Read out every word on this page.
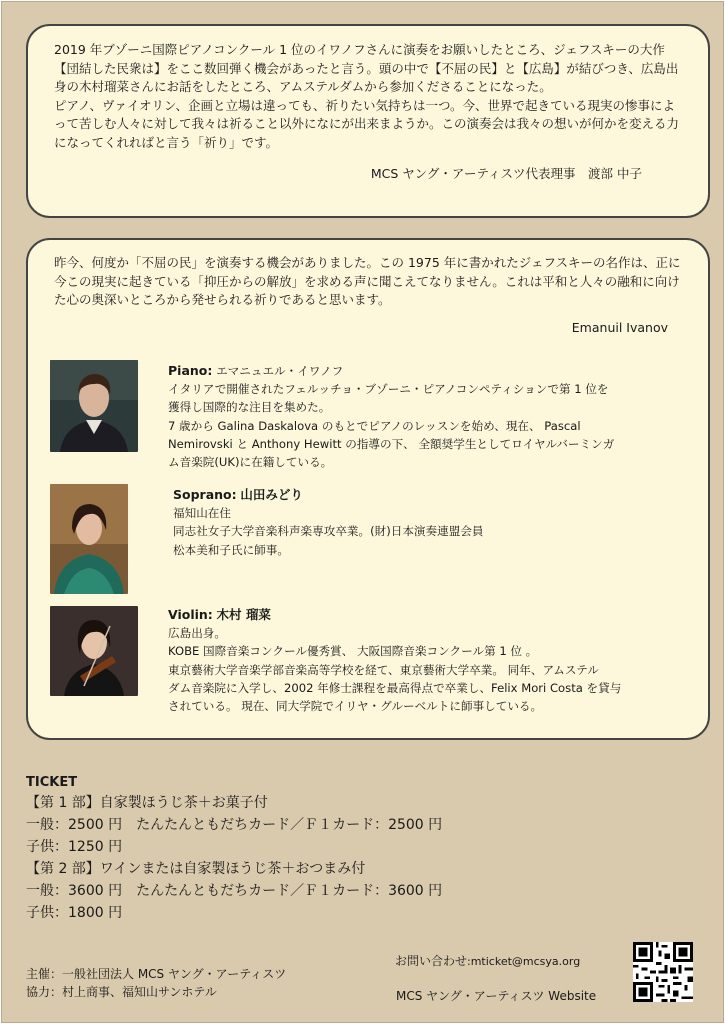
2019 年ブゾーニ国際ピアノコンクール 1 位のイワノフさんに演奏をお願いしたところ、ジェフスキーの大作【団結した民衆は】をここ数回弾く機会があったと言う。頭の中で【不屈の民】と【広島】が結びつき、広島出身の木村瑠菜さんにお話をしたところ、アムステルダムから参加くださることになった。

ピアノ、ヴァイオリン、企画と立場は違っても、祈りたい気持ちは一つ。今、世界で起きている現実の惨事によって苦しむ人々に対して我々は祈ること以外になにが出来まようか。この演奏会は我々の想いが何かを変える力になってくれればと言う「祈り」です。

MCS ヤング・アーティスツ代表理事　渡部 中子

昨今、何度か「不屈の民」を演奏する機会がありました。この 1975 年に書かれたジェフスキーの名作は、正に今この現実に起きている「抑圧からの解放」を求める声に聞こえてなりません。これは平和と人々の融和に向けた心の奥深いところから発せられる祈りであると思います。

Emanuil Ivanov
Piano: エマニュエル・イワノフ
イタリアで開催されたフェルッチョ・ブゾーニ・ピアノコンペティションで第 1 位を
獲得し国際的な注目を集めた。
7 歳から Galina Daskalova のもとでピアノのレッスンを始め、現在、 Pascal
Nemirovski と Anthony Hewitt の指導の下、 全額奨学生としてロイヤルバーミンガ
ム音楽院(UK)に在籍している。
Soprano: 山田みどり
福知山在住
同志社女子大学音楽科声楽専攻卒業。(財)日本演奏連盟会員
松本美和子氏に師事。
Violin: 木村 瑠菜
広島出身。
KOBE 国際音楽コンクール優秀賞、 大阪国際音楽コンクール第 1 位 。
東京藝術大学音楽学部音楽高等学校を経て、東京藝術大学卒業。 同年、アムステル
ダム音楽院に入学し、2002 年修士課程を最高得点で卒業し、Felix Mori Costa を貸与
されている。 現在、同大学院でイリヤ・グルーベルトに師事している。
TICKET
【第 1 部】自家製ほうじ茶＋お菓子付
一般：2500 円　たんたんともだちカード／Ｆ１カード：2500 円
子供：1250 円
【第 2 部】ワインまたは自家製ほうじ茶＋おつまみ付
一般：3600 円　たんたんともだちカード／Ｆ１カード：3600 円
子供：1800 円
主催：一般社団法人 MCS ヤング・アーティスツ
協力：村上商事、福知山サンホテル
お問い合わせ:mticket@mcsya.org
MCS ヤング・アーティスツ Website
